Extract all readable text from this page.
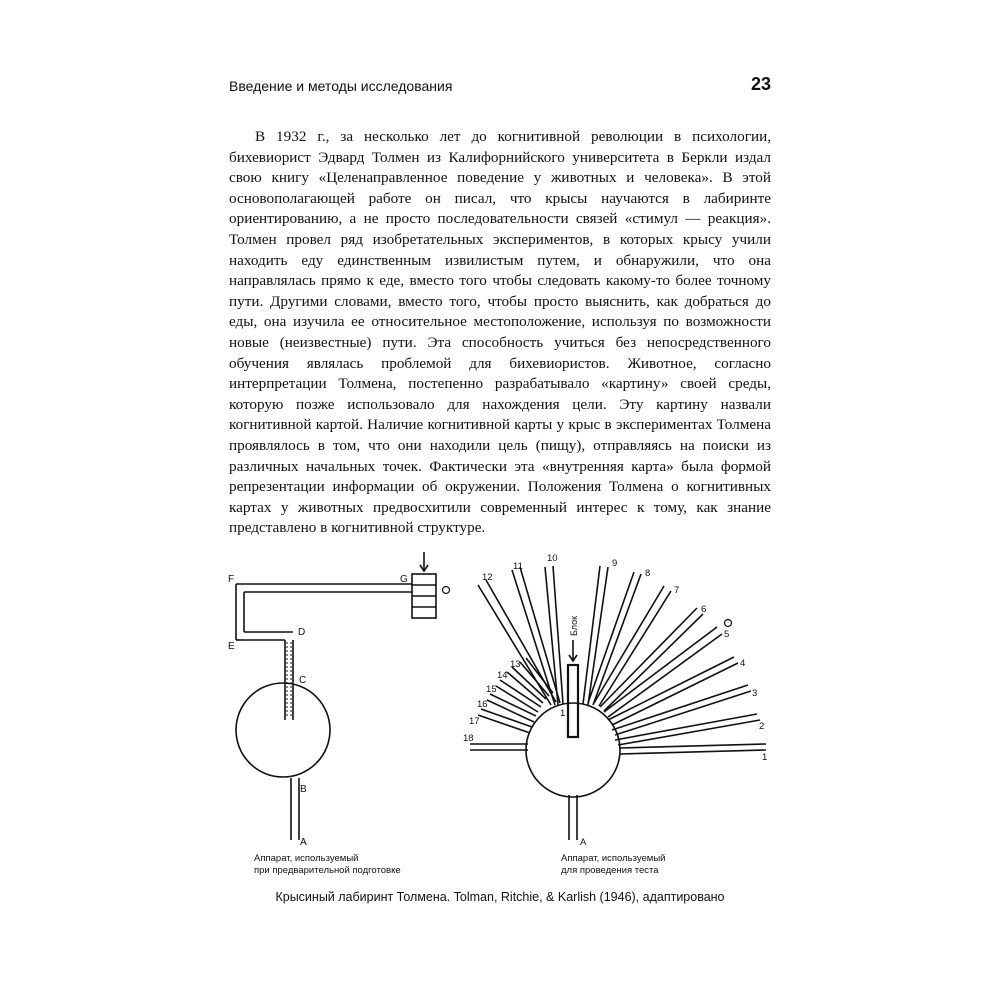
Введение и методы исследования	23

В 1932 г., за несколько лет до когнитивной революции в психологии, бихевиорист Эдвард Толмен из Калифорнийского университета в Беркли издал свою книгу «Целенаправленное поведение у животных и человека». В этой основополагающей работе он писал, что крысы научаются в лабиринте ориентированию, а не просто последовательности связей «стимул — реакция». Толмен провел ряд изобретательных экспериментов, в которых крысу учили находить еду единственным извилистым путем, и обнаружили, что она направлялась прямо к еде, вместо того чтобы следовать какому-то более точному пути. Другими словами, вместо того, чтобы просто выяснить, как добраться до еды, она изучила ее относительное местоположение, используя по возможности новые (неизвестные) пути. Эта способность учиться без непосредственного обучения являлась проблемой для бихевиористов. Животное, согласно интерпретации Толмена, постепенно разрабатывало «картину» своей среды, которую позже использовало для нахождения цели. Эту картину назвали когнитивной картой. Наличие когнитивной карты у крыс в экспериментах Толмена проявлялось в том, что они находили цель (пищу), отправляясь на поиски из различных начальных точек. Фактически эта «внутренняя карта» была формой репрезентации информации об окружении. Положения Толмена о когнитивных картах у животных предвосхитили современный интерес к тому, как знание представлено в когнитивной структуре.

A
B
C
D
E
F	G
A
Блок
1
1
2
3
4
5
6
7
8
9
10
11
12
13
14
15
16
17
18
Аппарат, используемый
при предварительной подготовке
Аппарат, используемый
для проведения теста
Крысиный лабиринт Толмена. Tolman, Ritchie, & Karlish (1946), адаптировано
